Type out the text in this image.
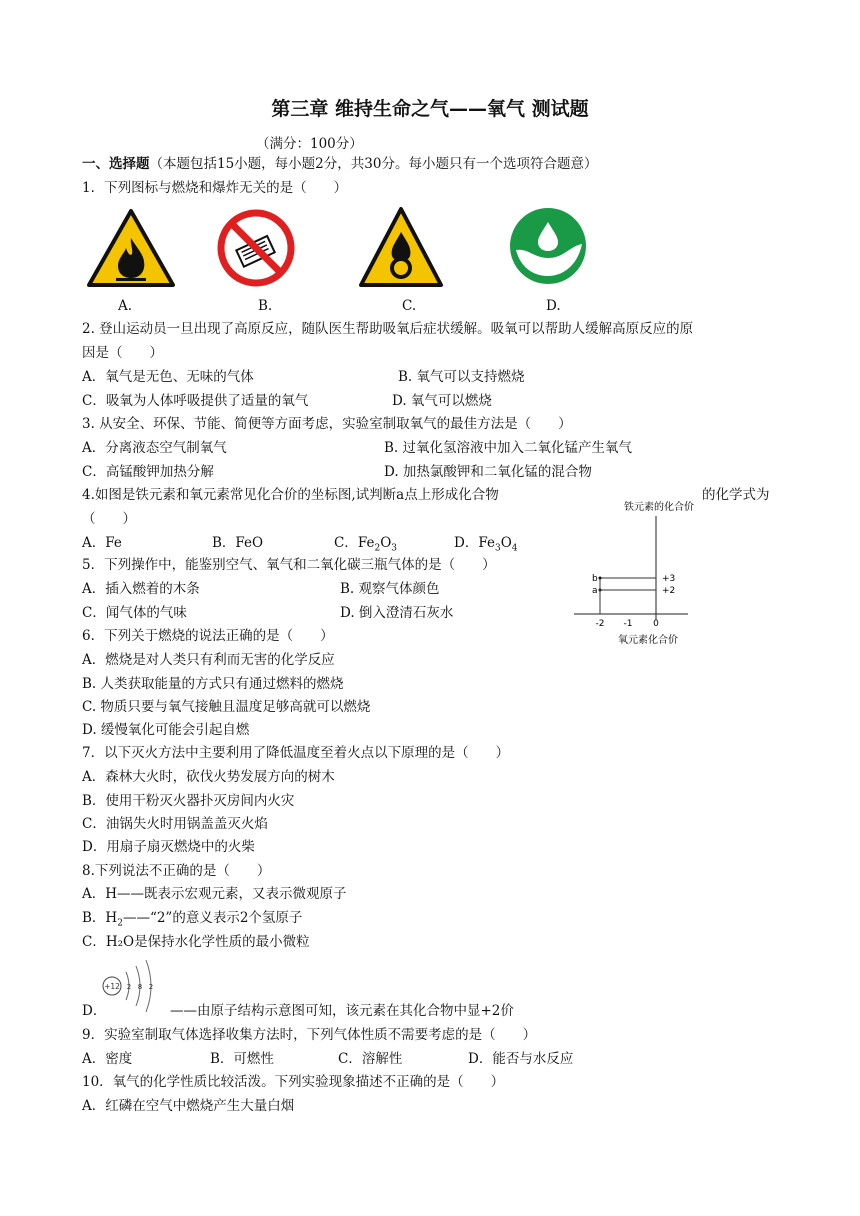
第三章 维持生命之气——氧气 测试题
（满分：100分）
一、选择题（本题包括15小题，每小题2分，共30分。每小题只有一个选项符合题意）
1．下列图标与燃烧和爆炸无关的是（　　）
A.	B.	C.	D.
2. 登山运动员一旦出现了高原反应，随队医生帮助吸氧后症状缓解。吸氧可以帮助人缓解高原反应的原
因是（　　）
A．氧气是无色、无味的气体	B. 氧气可以支持燃烧
C．吸氧为人体呼吸提供了适量的氧气	D. 氧气可以燃烧
3. 从安全、环保、节能、简便等方面考虑，实验室制取氧气的最佳方法是（　　）
A．分离液态空气制氧气	B. 过氧化氢溶液中加入二氧化锰产生氧气
C．高锰酸钾加热分解	D. 加热氯酸钾和二氧化锰的混合物
4.如图是铁元素和氧元素常见化合价的坐标图,试判断a点上形成化合物	的化学式为
（　　）
A．Fe	B．FeO	C．$Fe_2O_3$	D．$Fe_3O_4$
铁元素的化合价
氧元素化合价
-2 -1 0
+3
+2
a
b
5．下列操作中，能鉴别空气、氧气和二氧化碳三瓶气体的是（　　）
A．插入燃着的木条	B. 观察气体颜色
C．闻气体的气味	D. 倒入澄清石灰水
6．下列关于燃烧的说法正确的是（　　）
A．燃烧是对人类只有利而无害的化学反应
B. 人类获取能量的方式只有通过燃料的燃烧
C. 物质只要与氧气接触且温度足够高就可以燃烧
D. 缓慢氧化可能会引起自燃
7．以下灭火方法中主要利用了降低温度至着火点以下原理的是（　　）
A．森林大火时，砍伐火势发展方向的树木
B．使用干粉灭火器扑灭房间内火灾
C．油锅失火时用锅盖盖灭火焰
D．用扇子扇灭燃烧中的火柴
8.下列说法不正确的是（　　）
A．H——既表示宏观元素，又表示微观原子
B．$H_2——“2$”的意义表示2个氢原子
C．H₂O是保持水化学性质的最小微粒
+12 2 8 2
D．	——由原子结构示意图可知，该元素在其化合物中显+2价
9．实验室制取气体选择收集方法时，下列气体性质不需要考虑的是（　　）
A．密度	B．可燃性	C．溶解性	D．能否与水反应
10．氧气的化学性质比较活泼。下列实验现象描述不正确的是（　　）
A．红磷在空气中燃烧产生大量白烟
